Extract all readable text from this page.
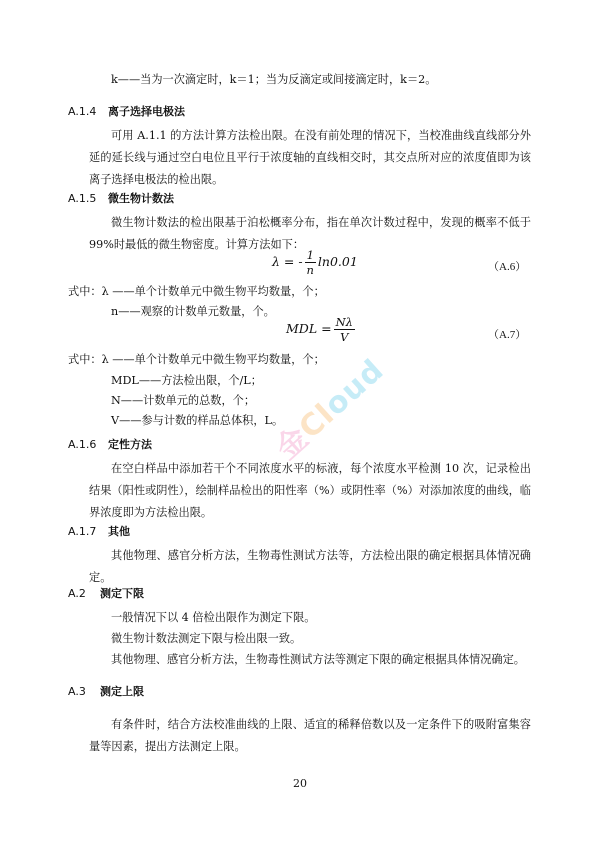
k——当为一次滴定时，k＝1；当为反滴定或间接滴定时，k＝2。
A.1.4 离子选择电极法
可用 A.1.1 的方法计算方法检出限。在没有前处理的情况下，当校准曲线直线部分外延的延长线与通过空白电位且平行于浓度轴的直线相交时，其交点所对应的浓度值即为该离子选择电极法的检出限。
A.1.5 微生物计数法
微生物计数法的检出限基于泊松概率分布，指在单次计数过程中，发现的概率不低于99%时最低的微生物密度。计算方法如下：
λ = - $\frac{1}{n} \ln 0.01$	（A.6）
式中：λ ——单个计数单元中微生物平均数量，个；
n——观察的计数单元数量，个。
MDL = $\frac{N\lambda}{V}$	（A.7）
式中：λ ——单个计数单元中微生物平均数量，个；
MDL——方法检出限，个/L；
N——计数单元的总数，个；
V——参与计数的样品总体积，L。
A.1.6 定性方法
在空白样品中添加若干个不同浓度水平的标液，每个浓度水平检测 10 次，记录检出结果（阳性或阴性），绘制样品检出的阳性率（%）或阴性率（%）对添加浓度的曲线，临界浓度即为方法检出限。
A.1.7 其他
其他物理、感官分析方法，生物毒性测试方法等，方法检出限的确定根据具体情况确定。
A.2 测定下限
一般情况下以 4 倍检出限作为测定下限。
微生物计数法测定下限与检出限一致。
其他物理、感官分析方法，生物毒性测试方法等测定下限的确定根据具体情况确定。
A.3 测定上限
有条件时，结合方法校准曲线的上限、适宜的稀释倍数以及一定条件下的吸附富集容量等因素，提出方法测定上限。
20
金Cloud
